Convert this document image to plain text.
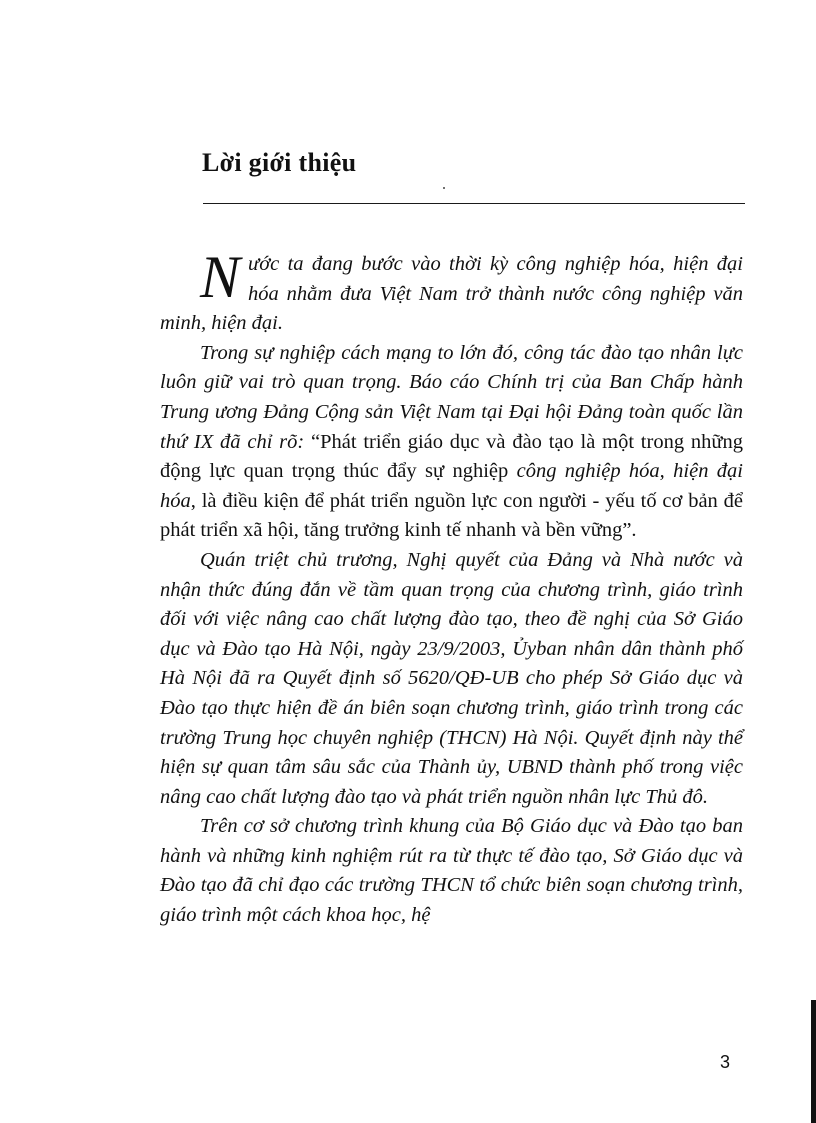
Lời giới thiệu

Nước ta đang bước vào thời kỳ công nghiệp hóa, hiện đại hóa nhằm đưa Việt Nam trở thành nước công nghiệp văn minh, hiện đại.

Trong sự nghiệp cách mạng to lớn đó, công tác đào tạo nhân lực luôn giữ vai trò quan trọng. Báo cáo Chính trị của Ban Chấp hành Trung ương Đảng Cộng sản Việt Nam tại Đại hội Đảng toàn quốc lần thứ IX đã chỉ rõ: “Phát triển giáo dục và đào tạo là một trong những động lực quan trọng thúc đẩy sự nghiệp công nghiệp hóa, hiện đại hóa, là điều kiện để phát triển nguồn lực con người - yếu tố cơ bản để phát triển xã hội, tăng trưởng kinh tế nhanh và bền vững”.

Quán triệt chủ trương, Nghị quyết của Đảng và Nhà nước và nhận thức đúng đắn về tầm quan trọng của chương trình, giáo trình đối với việc nâng cao chất lượng đào tạo, theo đề nghị của Sở Giáo dục và Đào tạo Hà Nội, ngày 23/9/2003, Ủyban nhân dân thành phố Hà Nội đã ra Quyết định số 5620/QĐ-UB cho phép Sở Giáo dục và Đào tạo thực hiện đề án biên soạn chương trình, giáo trình trong các trường Trung học chuyên nghiệp (THCN) Hà Nội. Quyết định này thể hiện sự quan tâm sâu sắc của Thành ủy, UBND thành phố trong việc nâng cao chất lượng đào tạo và phát triển nguồn nhân lực Thủ đô.

Trên cơ sở chương trình khung của Bộ Giáo dục và Đào tạo ban hành và những kinh nghiệm rút ra từ thực tế đào tạo, Sở Giáo dục và Đào tạo đã chỉ đạo các trường THCN tổ chức biên soạn chương trình, giáo trình một cách khoa học, hệ

3
